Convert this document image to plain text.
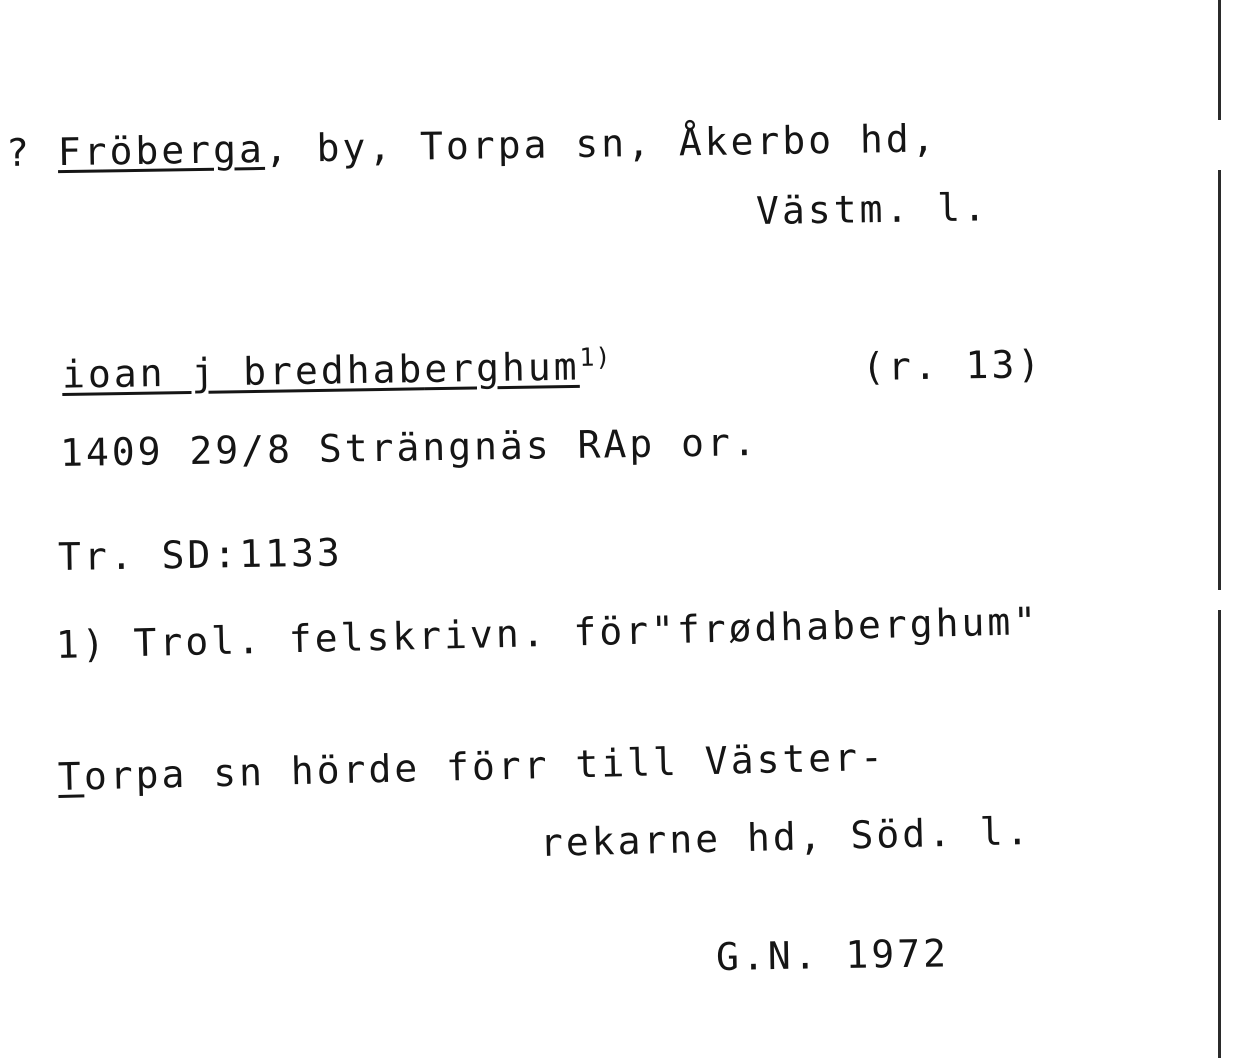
? Fröberga, by, Torpa sn, Åkerbo hd,
Västm. l.
ioan j bredhaberghum$^{1)}$	(r. 13)
1409 29/8 Strängnäs RAp or.
Tr. SD:1133
1) Trol. felskrivn. för"frødhaberghum"
Torpa sn hörde förr till Väster-
rekarne hd, Söd. l.
G.N. 1972
